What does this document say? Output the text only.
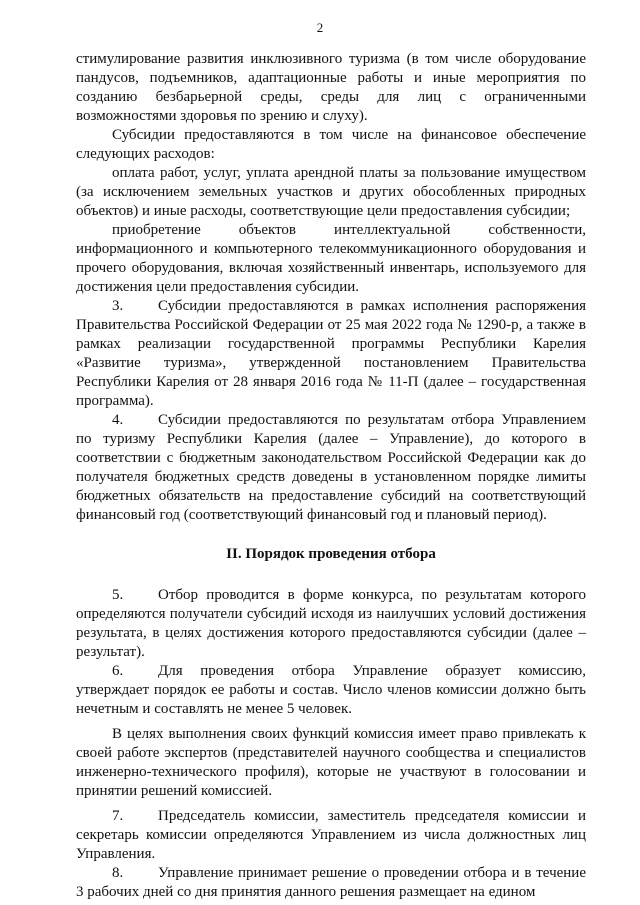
2

стимулирование развития инклюзивного туризма (в том числе оборудование пандусов, подъемников, адаптационные работы и иные мероприятия по созданию безбарьерной среды, среды для лиц с ограниченными возможностями здоровья по зрению и слуху).

Субсидии предоставляются в том числе на финансовое обеспечение следующих расходов:

оплата работ, услуг, уплата арендной платы за пользование имуществом (за исключением земельных участков и других обособленных природных объектов) и иные расходы, соответствующие цели предоставления субсидии;

приобретение объектов интеллектуальной собственности, информационного и компьютерного телекоммуникационного оборудования и прочего оборудования, включая хозяйственный инвентарь, используемого для достижения цели предоставления субсидии.

3. Субсидии предоставляются в рамках исполнения распоряжения Правительства Российской Федерации от 25 мая 2022 года № 1290-р, а также в рамках реализации государственной программы Республики Карелия «Развитие туризма», утвержденной постановлением Правительства Республики Карелия от 28 января 2016 года № 11-П (далее – государственная программа).

4. Субсидии предоставляются по результатам отбора Управлением по туризму Республики Карелия (далее – Управление), до которого в соответствии с бюджетным законодательством Российской Федерации как до получателя бюджетных средств доведены в установленном порядке лимиты бюджетных обязательств на предоставление субсидий на соответствующий финансовый год (соответствующий финансовый год и плановый период).

II. Порядок проведения отбора

5. Отбор проводится в форме конкурса, по результатам которого определяются получатели субсидий исходя из наилучших условий достижения результата, в целях достижения которого предоставляются субсидии (далее – результат).

6. Для проведения отбора Управление образует комиссию, утверждает порядок ее работы и состав. Число членов комиссии должно быть нечетным и составлять не менее 5 человек.

В целях выполнения своих функций комиссия имеет право привлекать к своей работе экспертов (представителей научного сообщества и специалистов инженерно-технического профиля), которые не участвуют в голосовании и принятии решений комиссией.

7. Председатель комиссии, заместитель председателя комиссии и секретарь комиссии определяются Управлением из числа должностных лиц Управления.

8. Управление принимает решение о проведении отбора и в течение 3 рабочих дней со дня принятия данного решения размещает на едином
